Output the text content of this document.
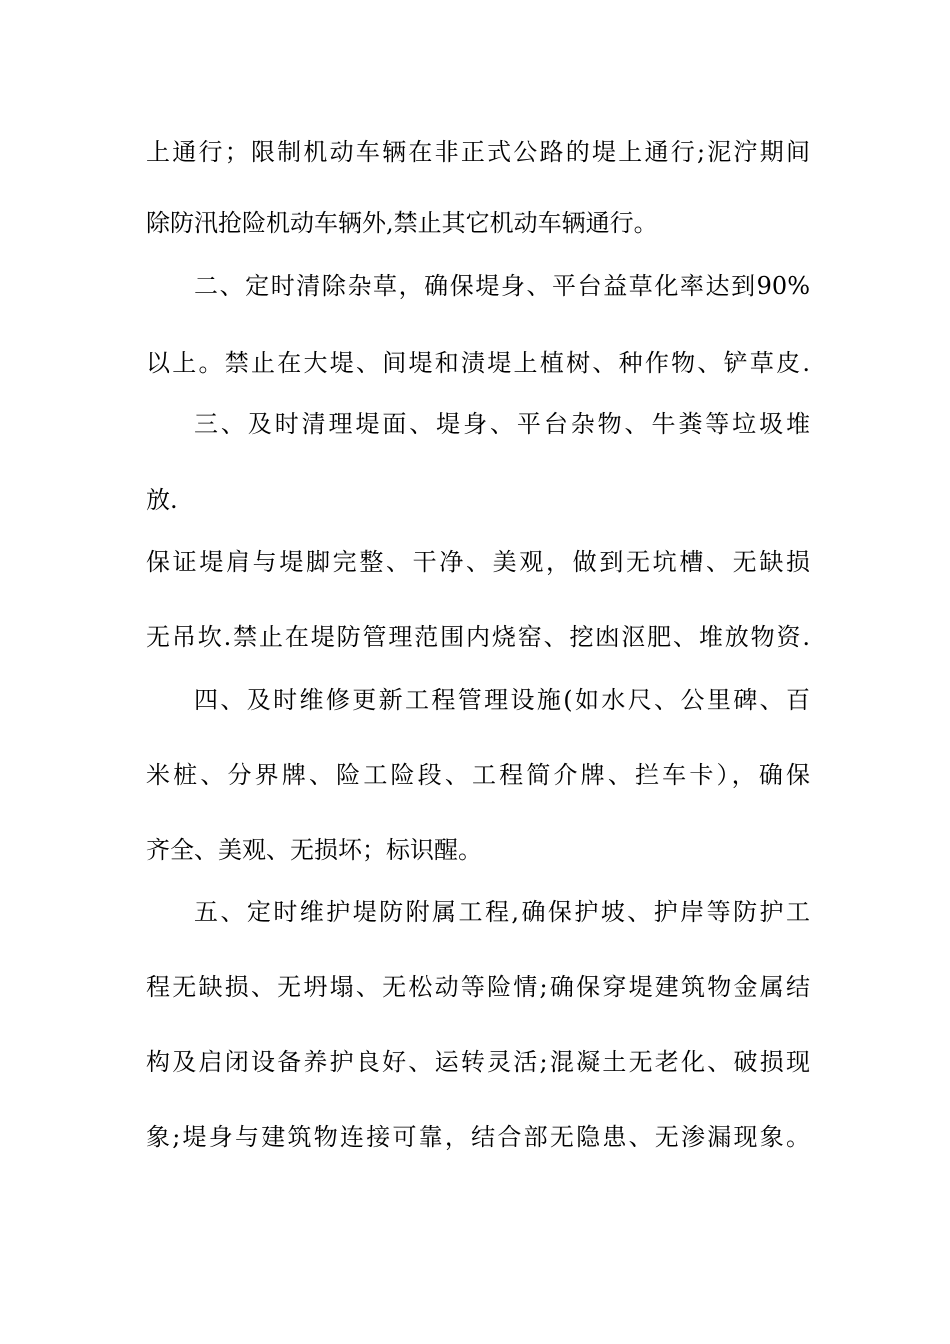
上通行；限制机动车辆在非正式公路的堤上通行;泥泞期间
除防汛抢险机动车辆外,禁止其它机动车辆通行。
二、定时清除杂草，确保堤身、平台益草化率达到90%
以上。禁止在大堤、间堤和渍堤上植树、种作物、铲草皮.
三、及时清理堤面、堤身、平台杂物、牛粪等垃圾堆
放.
保证堤肩与堤脚完整、干净、美观，做到无坑槽、无缺损
无吊坎.禁止在堤防管理范围内烧窑、挖凼沤肥、堆放物资.
四、及时维修更新工程管理设施(如水尺、公里碑、百
米桩、分界牌、险工险段、工程简介牌、拦车卡），确保
齐全、美观、无损坏；标识醒。
五、定时维护堤防附属工程,确保护坡、护岸等防护工
程无缺损、无坍塌、无松动等险情;确保穿堤建筑物金属结
构及启闭设备养护良好、运转灵活;混凝土无老化、破损现
象;堤身与建筑物连接可靠，结合部无隐患、无渗漏现象。
